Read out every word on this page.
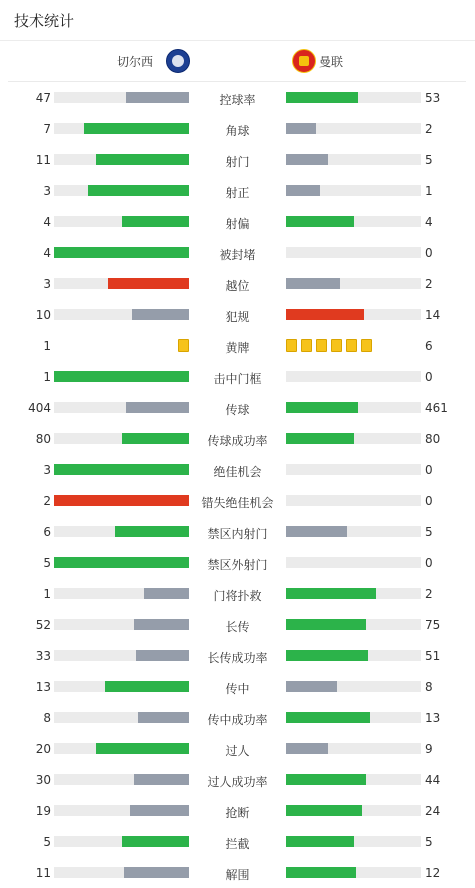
技术统计
切尔西	曼联
47	控球率	53
7	角球	2
11	射门	5
3	射正	1
4	射偏	4
4	被封堵	0
3	越位	2
10	犯规	14
1	黄牌	6
1	击中门框	0
404	传球	461
80	传球成功率	80
3	绝佳机会	0
2	错失绝佳机会	0
6	禁区内射门	5
5	禁区外射门	0
1	门将扑救	2
52	长传	75
33	长传成功率	51
13	传中	8
8	传中成功率	13
20	过人	9
30	过人成功率	44
19	抢断	24
5	拦截	5
11	解围	12
